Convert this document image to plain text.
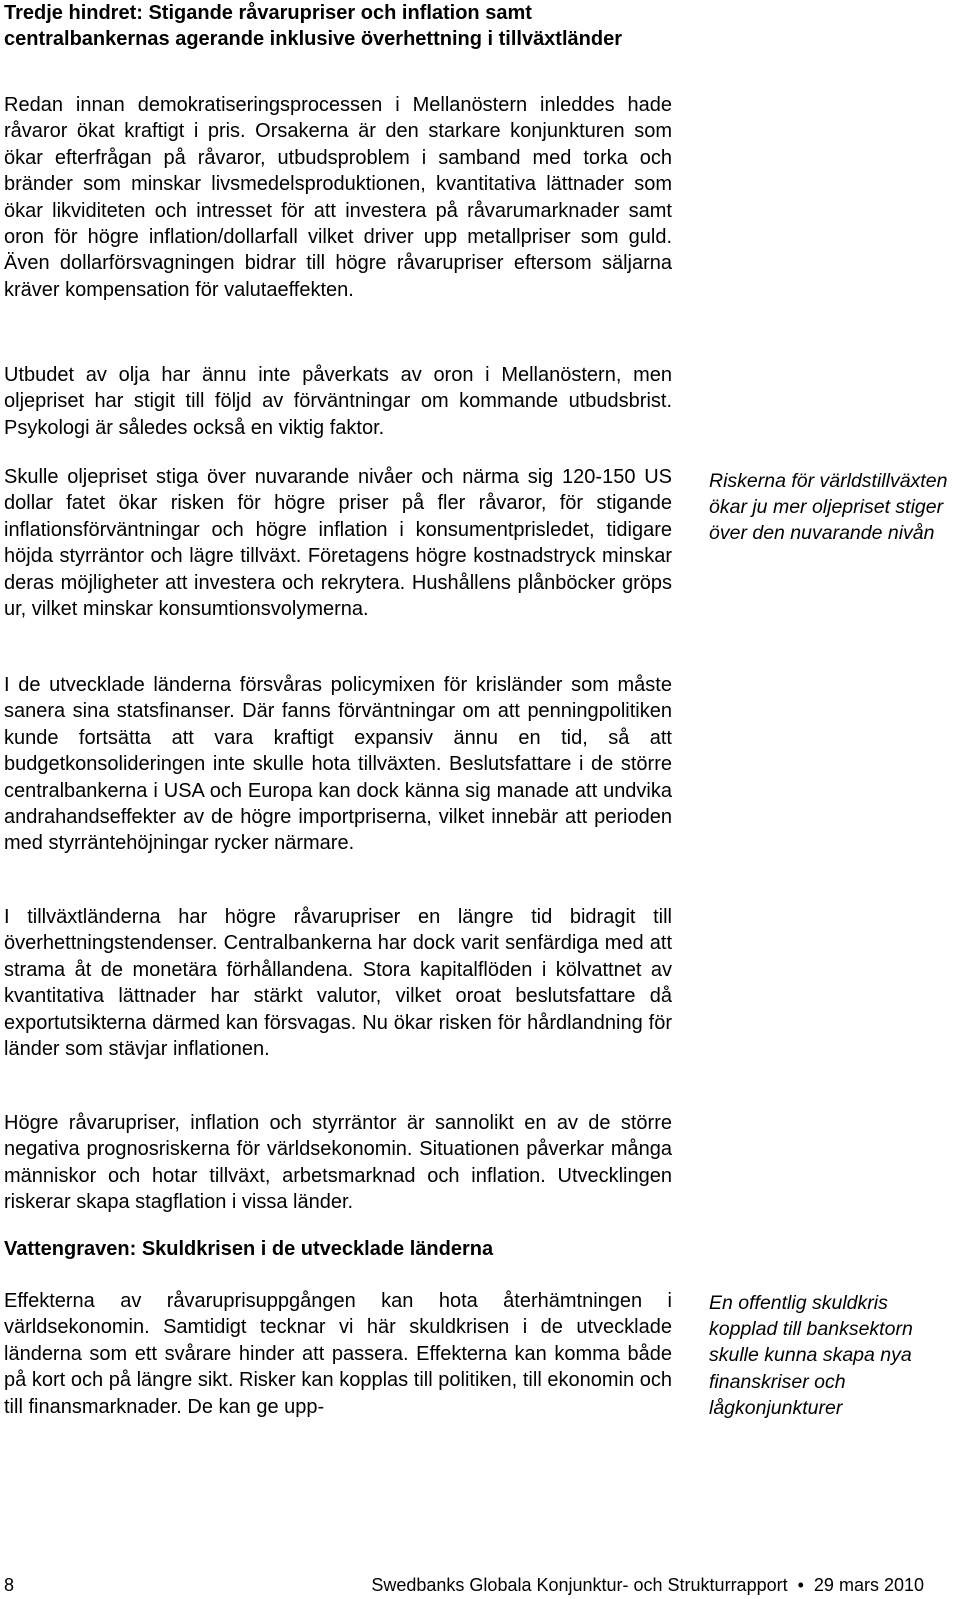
Tredje hindret: Stigande råvarupriser och inflation samt centralbankernas agerande inklusive överhettning i tillväxtländer

Redan innan demokratiseringsprocessen i Mellanöstern inleddes hade råvaror ökat kraftigt i pris. Orsakerna är den starkare konjunkturen som ökar efterfrågan på råvaror, utbudsproblem i samband med torka och bränder som minskar livsmedelsproduktionen, kvantitativa lättnader som ökar likviditeten och intresset för att investera på råvarumarknader samt oron för högre inflation/dollarfall vilket driver upp metallpriser som guld. Även dollarförsvagningen bidrar till högre råvarupriser eftersom säljarna kräver kompensation för valutaeffekten.

Utbudet av olja har ännu inte påverkats av oron i Mellanöstern, men oljepriset har stigit till följd av förväntningar om kommande utbudsbrist. Psykologi är således också en viktig faktor.

Skulle oljepriset stiga över nuvarande nivåer och närma sig 120-150 US dollar fatet ökar risken för högre priser på fler råvaror, för stigande inflationsförväntningar och högre inflation i konsumentprisledet, tidigare höjda styrräntor och lägre tillväxt. Företagens högre kostnadstryck minskar deras möjligheter att investera och rekrytera. Hushållens plånböcker gröps ur, vilket minskar konsumtionsvolymerna.

I de utvecklade länderna försvåras policymixen för krisländer som måste sanera sina statsfinanser. Där fanns förväntningar om att penningpolitiken kunde fortsätta att vara kraftigt expansiv ännu en tid, så att budgetkonsolideringen inte skulle hota tillväxten. Beslutsfattare i de större centralbankerna i USA och Europa kan dock känna sig manade att undvika andrahandseffekter av de högre importpriserna, vilket innebär att perioden med styrräntehöjningar rycker närmare.

I tillväxtländerna har högre råvarupriser en längre tid bidragit till överhettningstendenser. Centralbankerna har dock varit senfärdiga med att strama åt de monetära förhållandena. Stora kapitalflöden i kölvattnet av kvantitativa lättnader har stärkt valutor, vilket oroat beslutsfattare då exportutsikterna därmed kan försvagas. Nu ökar risken för hårdlandning för länder som stävjar inflationen.

Högre råvarupriser, inflation och styrräntor är sannolikt en av de större negativa prognosriskerna för världsekonomin. Situationen påverkar många människor och hotar tillväxt, arbetsmarknad och inflation. Utvecklingen riskerar skapa stagflation i vissa länder.

Riskerna för världstillväxten ökar ju mer oljepriset stiger över den nuvarande nivån

Vattengraven: Skuldkrisen i de utvecklade länderna

Effekterna av råvaruprisuppgången kan hota återhämtningen i världsekonomin. Samtidigt tecknar vi här skuldkrisen i de utvecklade länderna som ett svårare hinder att passera. Effekterna kan komma både på kort och på längre sikt. Risker kan kopplas till politiken, till ekonomin och till finansmarknader. De kan ge upp-

En offentlig skuldkris kopplad till banksektorn skulle kunna skapa nya finanskriser och lågkonjunkturer

8	Swedbanks Globala Konjunktur- och Strukturrapport • 29 mars 2010
